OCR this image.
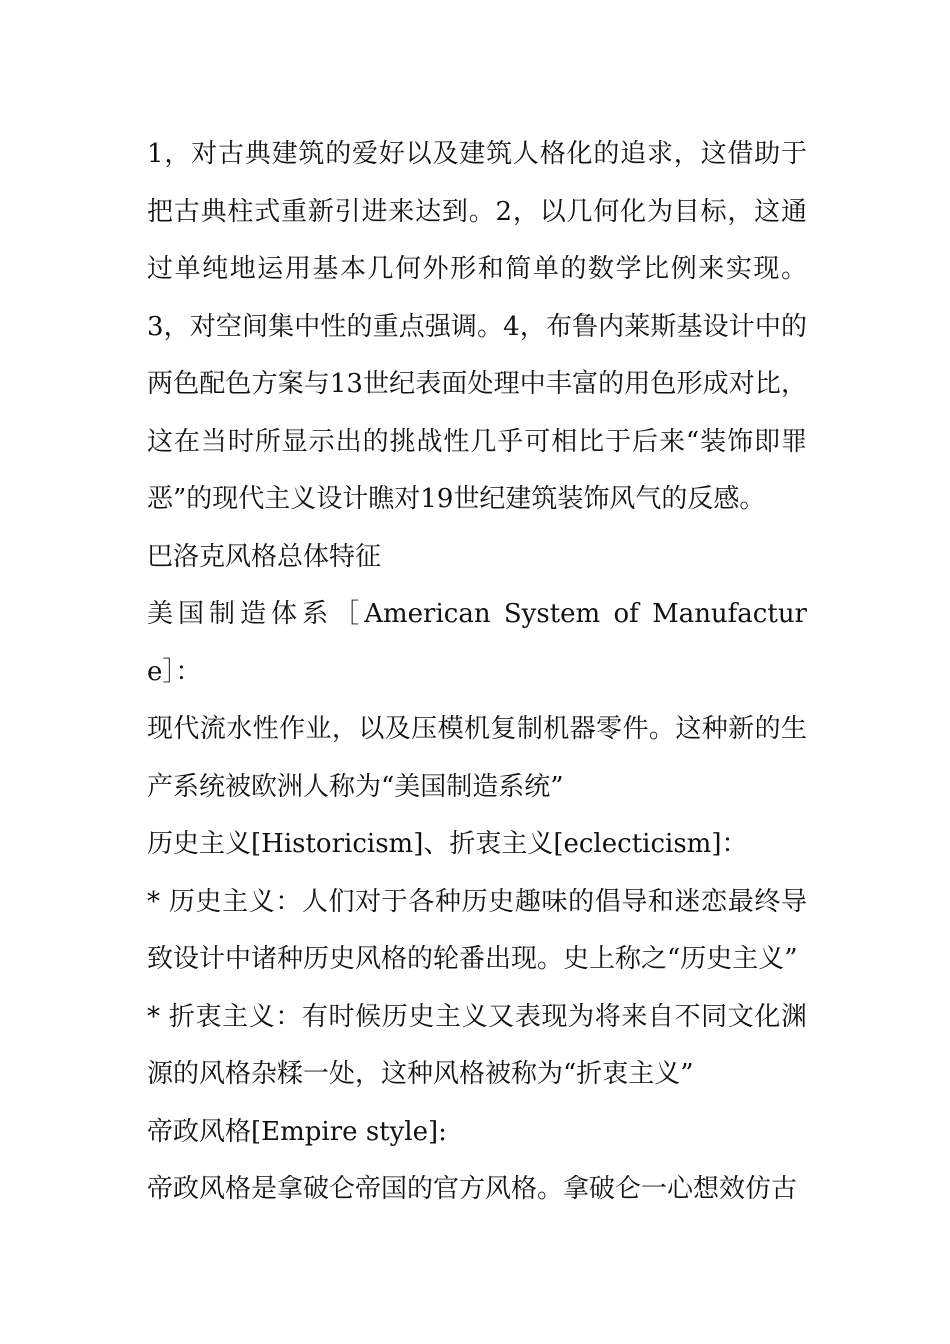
1，对古典建筑的爱好以及建筑人格化的追求，这借助于把古典柱式重新引进来达到。2，以几何化为目标，这通过单纯地运用基本几何外形和简单的数学比例来实现。3，对空间集中性的重点强调。4，布鲁内莱斯基设计中的两色配色方案与13世纪表面处理中丰富的用色形成对比，这在当时所显示出的挑战性几乎可相比于后来“装饰即罪恶”的现代主义设计瞧对19世纪建筑装饰风气的反感。

巴洛克风格总体特征

美国制造体系［American System of Manufacture］：

现代流水性作业，以及压模机复制机器零件。这种新的生产系统被欧洲人称为“美国制造系统”

历史主义[Historicism]、折衷主义[eclecticism]：

* 历史主义：人们对于各种历史趣味的倡导和迷恋最终导致设计中诸种历史风格的轮番出现。史上称之“历史主义”

* 折衷主义：有时候历史主义又表现为将来自不同文化渊源的风格杂糅一处，这种风格被称为“折衷主义”

帝政风格[Empire style]:

帝政风格是拿破仑帝国的官方风格。拿破仑一心想效仿古
